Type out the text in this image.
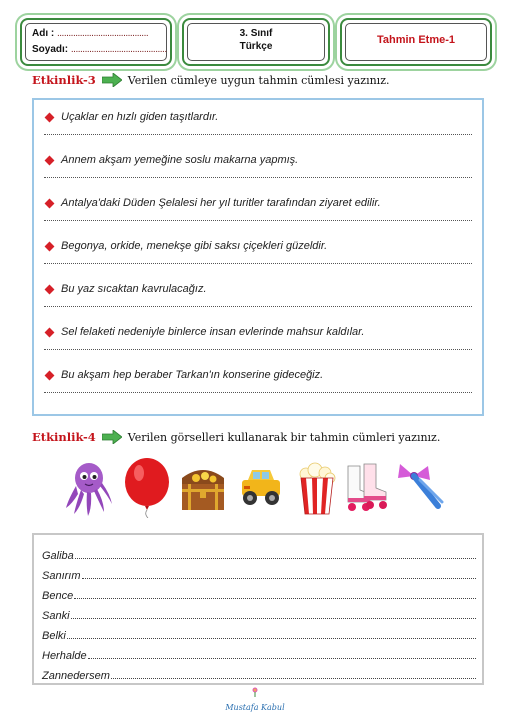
Adı : ........................................
Soyadı: ..........................................
3. Sınıf
Türkçe
Tahmin Etme-1
Etkinlik-3	Verilen cümleye uygun tahmin cümlesi yazınız.
Uçaklar en hızlı giden taşıtlardır.
Annem akşam yemeğine soslu makarna yapmış.
Antalya'daki Düden Şelalesi her yıl turitler tarafından ziyaret edilir.
Begonya, orkide, menekşe gibi saksı çiçekleri güzeldir.
Bu yaz sıcaktan kavrulacağız.
Sel felaketi nedeniyle binlerce insan evlerinde mahsur kaldılar.
Bu akşam hep beraber Tarkan'ın konserine gideceğiz.
Etkinlik-4	Verilen görselleri kullanarak bir tahmin cümleri yazınız.
Galiba
Sanırım
Bence
Sanki
Belki
Herhalde
Zannedersem
Mustafa Kabul
